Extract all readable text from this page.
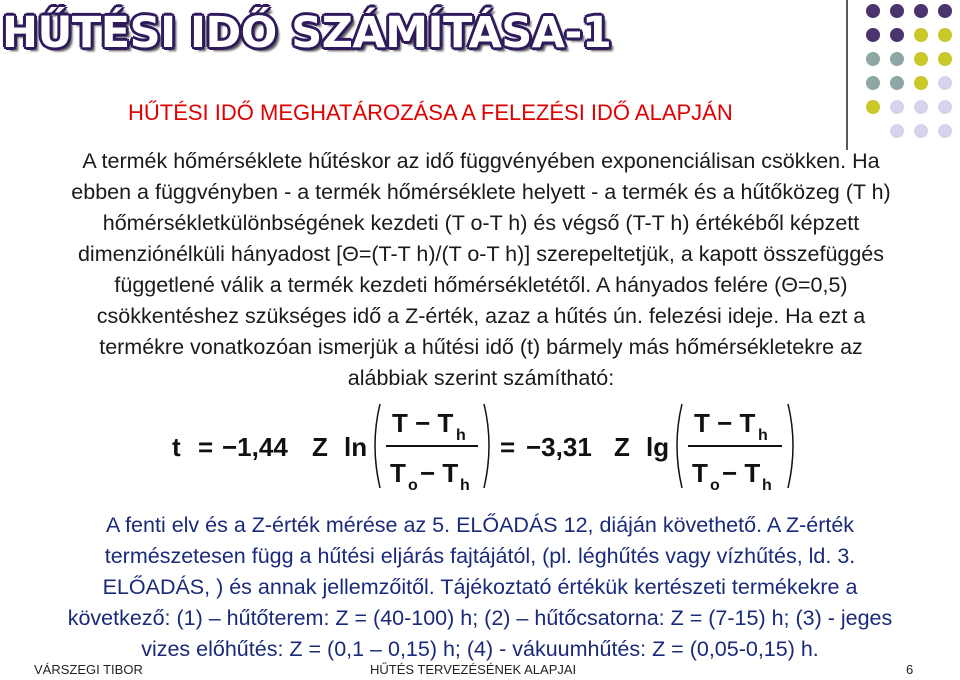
HŰTÉSI IDŐ SZÁMÍTÁSA-1
HŰTÉSI IDŐ MEGHATÁROZÁSA A FELEZÉSI IDŐ ALAPJÁN
A termék hőmérséklete hűtéskor az idő függvényében exponenciálisan csökken. Ha
ebben a függvényben - a termék hőmérséklete helyett - a termék és a hűtőközeg (T h)
hőmérsékletkülönbségének kezdeti (T o-T h) és végső (T-T h) értékéből képzett
dimenziónélküli hányadost [Θ=(T-T h)/(T o-T h)] szerepeltetjük, a kapott összefüggés
függetlené válik a termék kezdeti hőmérsékletétől. A hányados felére (Θ=0,5)
csökkentéshez szükséges idő a Z-érték, azaz a hűtés ún. felezési ideje. Ha ezt a
termékre vonatkozóan ismerjük a hűtési idő (t) bármely más hőmérsékletekre az
alábbiak szerint számítható:
t = −1,44 Z ln
T − T h
T o − T h
= −3,31 Z lg
T − T h
T o − T h
A fenti elv és a Z-érték mérése az 5. ELŐADÁS 12, diáján követhető. A Z-érték
természetesen függ a hűtési eljárás fajtájától, (pl. léghűtés vagy vízhűtés, ld. 3.
ELŐADÁS, ) és annak jellemzőitől. Tájékoztató értékük kertészeti termékekre a
következő: (1) – hűtőterem: Z = (40-100) h; (2) – hűtőcsatorna: Z = (7-15) h; (3) - jeges
vizes előhűtés: Z = (0,1 – 0,15) h; (4) - vákuumhűtés: Z = (0,05-0,15) h.
VÁRSZEGI TIBOR	HŰTÉS TERVEZÉSÉNEK ALAPJAI	6
